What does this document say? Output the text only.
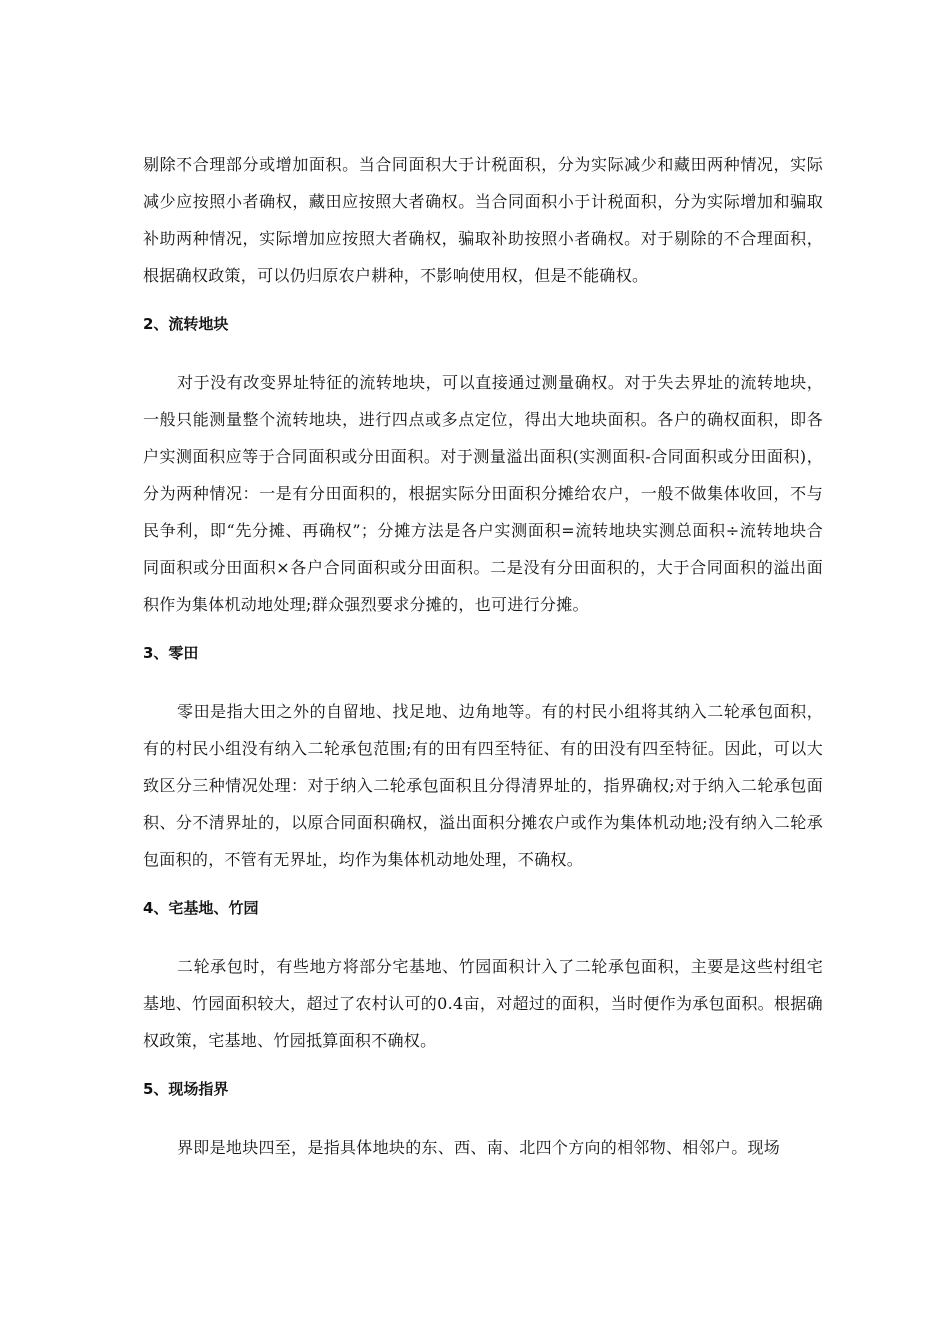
剔除不合理部分或增加面积。当合同面积大于计税面积，分为实际减少和藏田两种情况，实际减少应按照小者确权，藏田应按照大者确权。当合同面积小于计税面积，分为实际增加和骗取补助两种情况，实际增加应按照大者确权，骗取补助按照小者确权。对于剔除的不合理面积，根据确权政策，可以仍归原农户耕种，不影响使用权，但是不能确权。

2、流转地块

对于没有改变界址特征的流转地块，可以直接通过测量确权。对于失去界址的流转地块，一般只能测量整个流转地块，进行四点或多点定位，得出大地块面积。各户的确权面积，即各户实测面积应等于合同面积或分田面积。对于测量溢出面积(实测面积-合同面积或分田面积)，分为两种情况：一是有分田面积的，根据实际分田面积分摊给农户，一般不做集体收回，不与民争利，即“先分摊、再确权”；分摊方法是各户实测面积=流转地块实测总面积÷流转地块合同面积或分田面积×各户合同面积或分田面积。二是没有分田面积的，大于合同面积的溢出面积作为集体机动地处理;群众强烈要求分摊的，也可进行分摊。

3、零田

零田是指大田之外的自留地、找足地、边角地等。有的村民小组将其纳入二轮承包面积，有的村民小组没有纳入二轮承包范围;有的田有四至特征、有的田没有四至特征。因此，可以大致区分三种情况处理：对于纳入二轮承包面积且分得清界址的，指界确权;对于纳入二轮承包面积、分不清界址的，以原合同面积确权，溢出面积分摊农户或作为集体机动地;没有纳入二轮承包面积的，不管有无界址，均作为集体机动地处理，不确权。

4、宅基地、竹园

二轮承包时，有些地方将部分宅基地、竹园面积计入了二轮承包面积，主要是这些村组宅基地、竹园面积较大，超过了农村认可的0.4亩，对超过的面积，当时便作为承包面积。根据确权政策，宅基地、竹园抵算面积不确权。

5、现场指界

界即是地块四至，是指具体地块的东、西、南、北四个方向的相邻物、相邻户。现场
